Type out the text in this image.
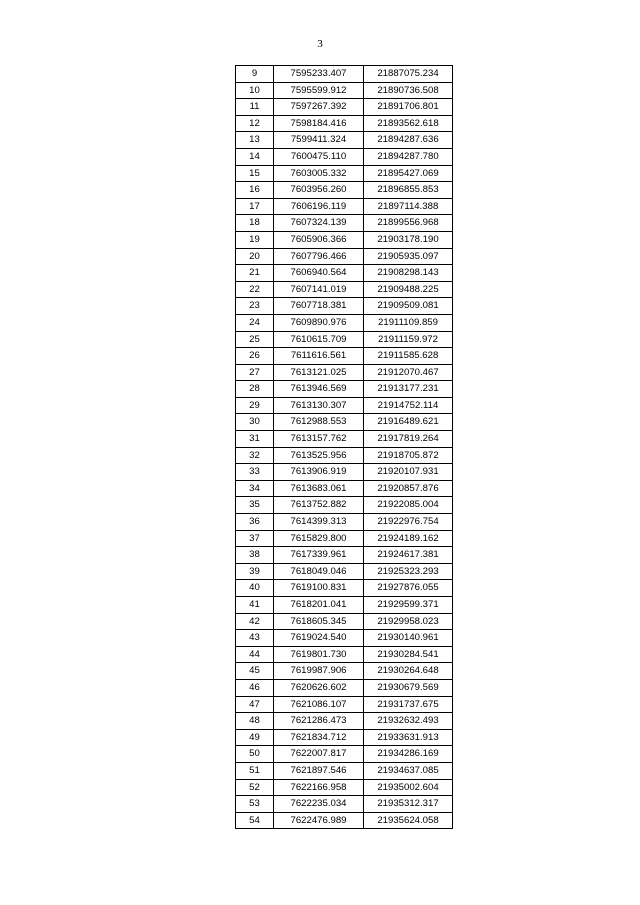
3
9	7595233.407	21887075.234
10	7595599.912	21890736.508
11	7597267.392	21891706.801
12	7598184.416	21893562.618
13	7599411.324	21894287.636
14	7600475.110	21894287.780
15	7603005.332	21895427.069
16	7603956.260	21896855.853
17	7606196.119	21897114.388
18	7607324.139	21899556.968
19	7605906.366	21903178.190
20	7607796.466	21905935.097
21	7606940.564	21908298.143
22	7607141.019	21909488.225
23	7607718.381	21909509.081
24	7609890.976	21911109.859
25	7610615.709	21911159.972
26	7611616.561	21911585.628
27	7613121.025	21912070.467
28	7613946.569	21913177.231
29	7613130.307	21914752.114
30	7612988.553	21916489.621
31	7613157.762	21917819.264
32	7613525.956	21918705.872
33	7613906.919	21920107.931
34	7613683.061	21920857.876
35	7613752.882	21922085.004
36	7614399.313	21922976.754
37	7615829.800	21924189.162
38	7617339.961	21924617.381
39	7618049.046	21925323.293
40	7619100.831	21927876.055
41	7618201.041	21929599.371
42	7618605.345	21929958.023
43	7619024.540	21930140.961
44	7619801.730	21930284.541
45	7619987.906	21930264.648
46	7620626.602	21930679.569
47	7621086.107	21931737.675
48	7621286.473	21932632.493
49	7621834.712	21933631.913
50	7622007.817	21934286.169
51	7621897.546	21934637.085
52	7622166.958	21935002.604
53	7622235.034	21935312.317
54	7622476.989	21935624.058
